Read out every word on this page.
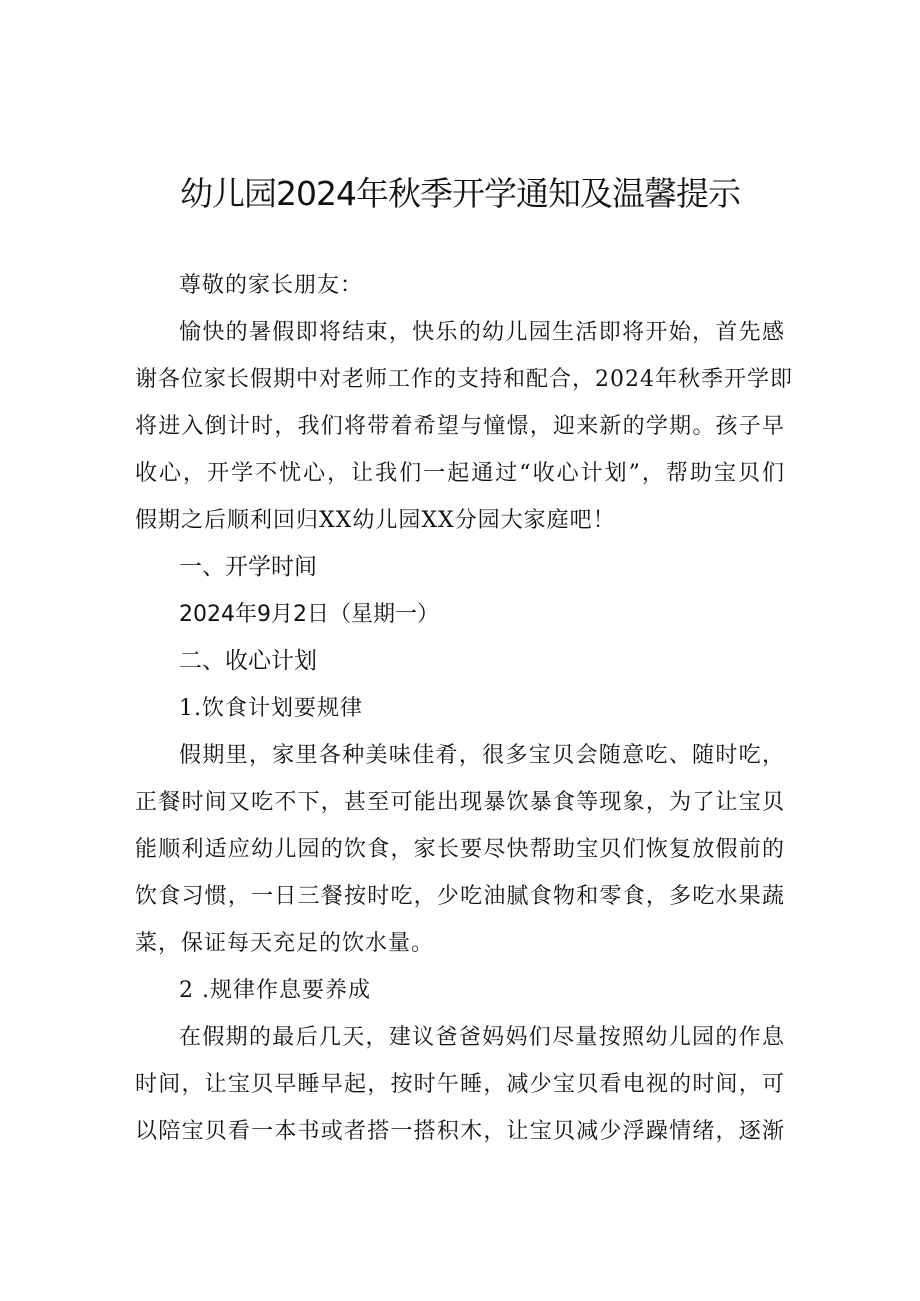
幼儿园2024年秋季开学通知及温馨提示
尊敬的家长朋友：
愉快的暑假即将结束，快乐的幼儿园生活即将开始，首先感
谢各位家长假期中对老师工作的支持和配合，2024年秋季开学即
将进入倒计时，我们将带着希望与憧憬，迎来新的学期。孩子早
收心，开学不忧心，让我们一起通过“收心计划”，帮助宝贝们
假期之后顺利回归XX幼儿园XX分园大家庭吧！
一、开学时间
2024年9月2日（星期一）
二、收心计划
1.饮食计划要规律
假期里，家里各种美味佳肴，很多宝贝会随意吃、随时吃，
正餐时间又吃不下，甚至可能出现暴饮暴食等现象，为了让宝贝
能顺利适应幼儿园的饮食，家长要尽快帮助宝贝们恢复放假前的
饮食习惯，一日三餐按时吃，少吃油腻食物和零食，多吃水果蔬
菜，保证每天充足的饮水量。
2 .规律作息要养成
在假期的最后几天，建议爸爸妈妈们尽量按照幼儿园的作息
时间，让宝贝早睡早起，按时午睡，减少宝贝看电视的时间，可
以陪宝贝看一本书或者搭一搭积木，让宝贝减少浮躁情绪，逐渐
